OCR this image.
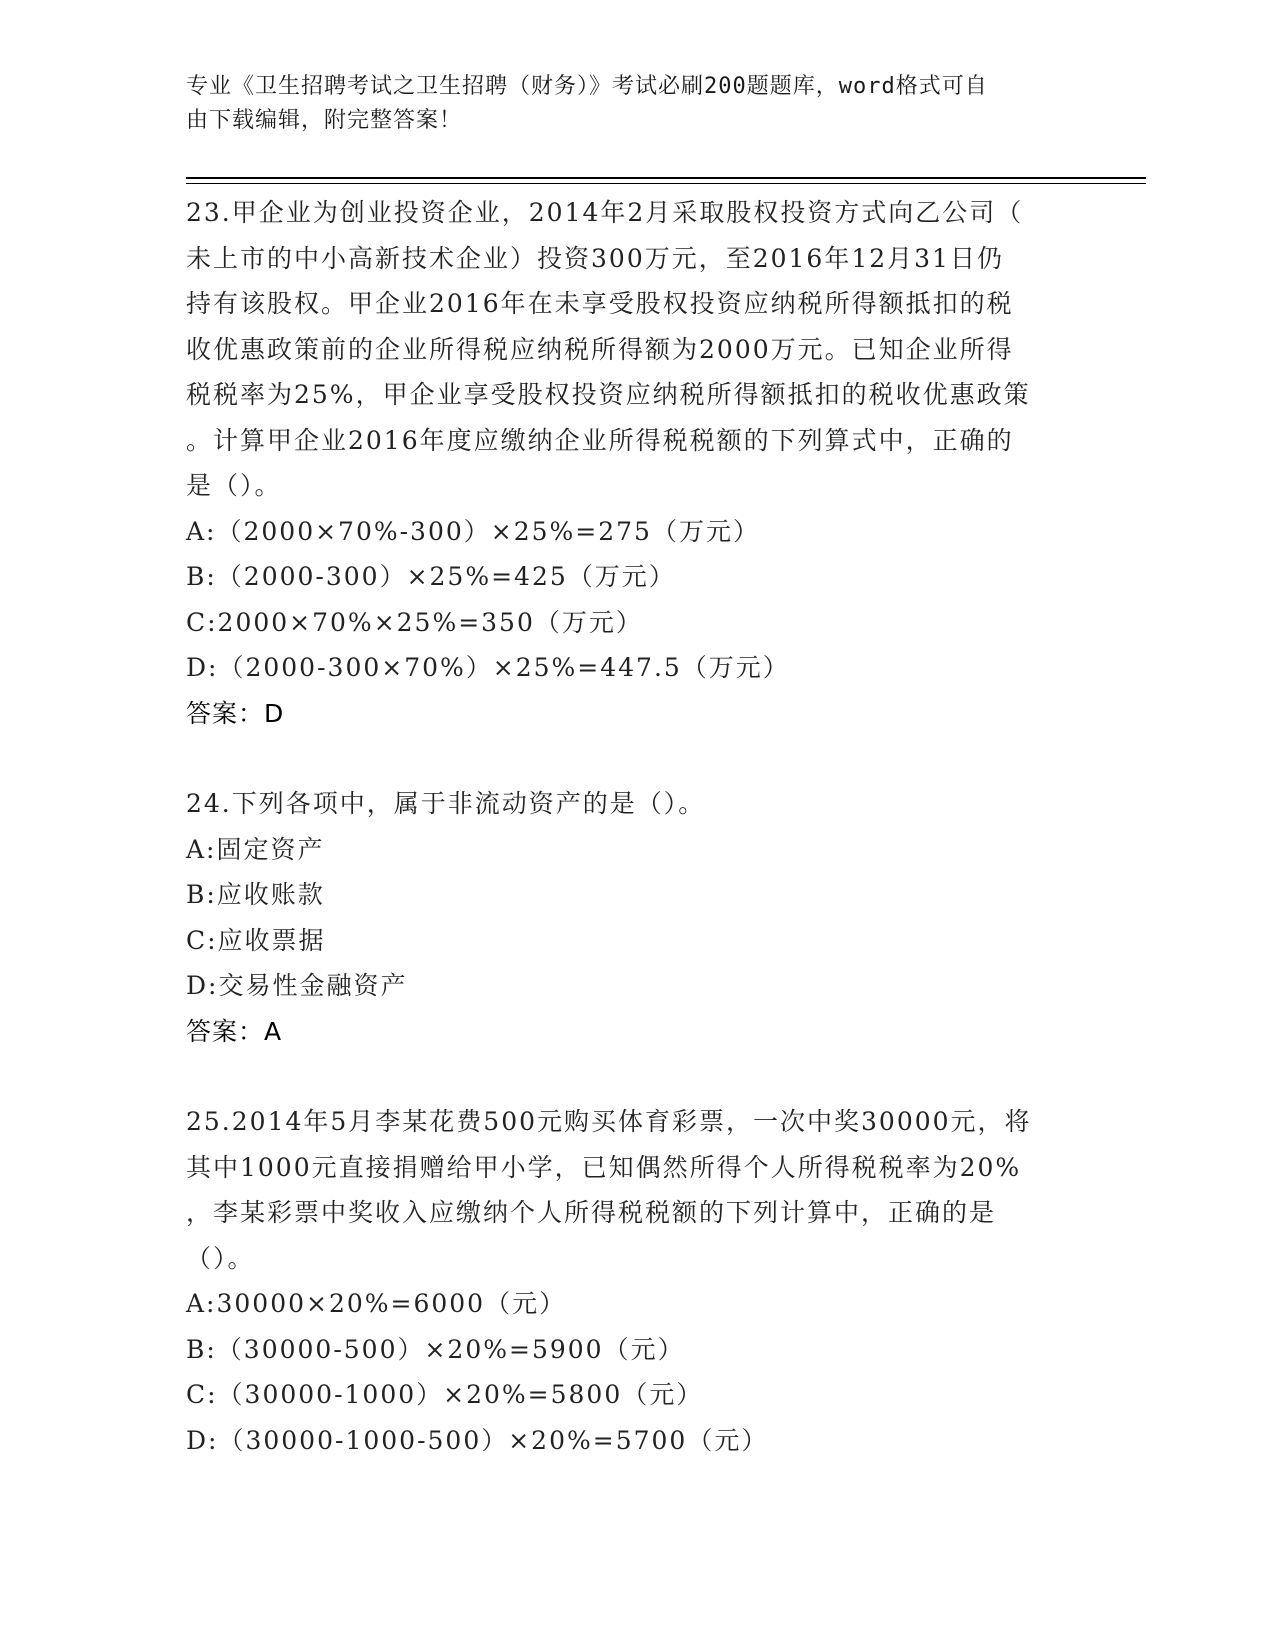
专业《卫生招聘考试之卫生招聘（财务）》考试必刷200题题库，word格式可自
由下载编辑，附完整答案！

23.甲企业为创业投资企业，2014年2月采取股权投资方式向乙公司（

未上市的中小高新技术企业）投资300万元，至2016年12月31日仍

持有该股权。甲企业2016年在未享受股权投资应纳税所得额抵扣的税

收优惠政策前的企业所得税应纳税所得额为2000万元。已知企业所得

税税率为25%，甲企业享受股权投资应纳税所得额抵扣的税收优惠政策

。计算甲企业2016年度应缴纳企业所得税税额的下列算式中，正确的

是（）。

A:（2000×70%-300）×25%=275（万元）

B:（2000-300）×25%=425（万元）

C:2000×70%×25%=350（万元）

D:（2000-300×70%）×25%=447.5（万元）

答案：D

24.下列各项中，属于非流动资产的是（）。

A:固定资产

B:应收账款

C:应收票据

D:交易性金融资产

答案：A

25.2014年5月李某花费500元购买体育彩票，一次中奖30000元，将

其中1000元直接捐赠给甲小学，已知偶然所得个人所得税税率为20%

，李某彩票中奖收入应缴纳个人所得税税额的下列计算中，正确的是

（）。

A:30000×20%=6000（元）

B:（30000-500）×20%=5900（元）

C:（30000-1000）×20%=5800（元）

D:（30000-1000-500）×20%=5700（元）
